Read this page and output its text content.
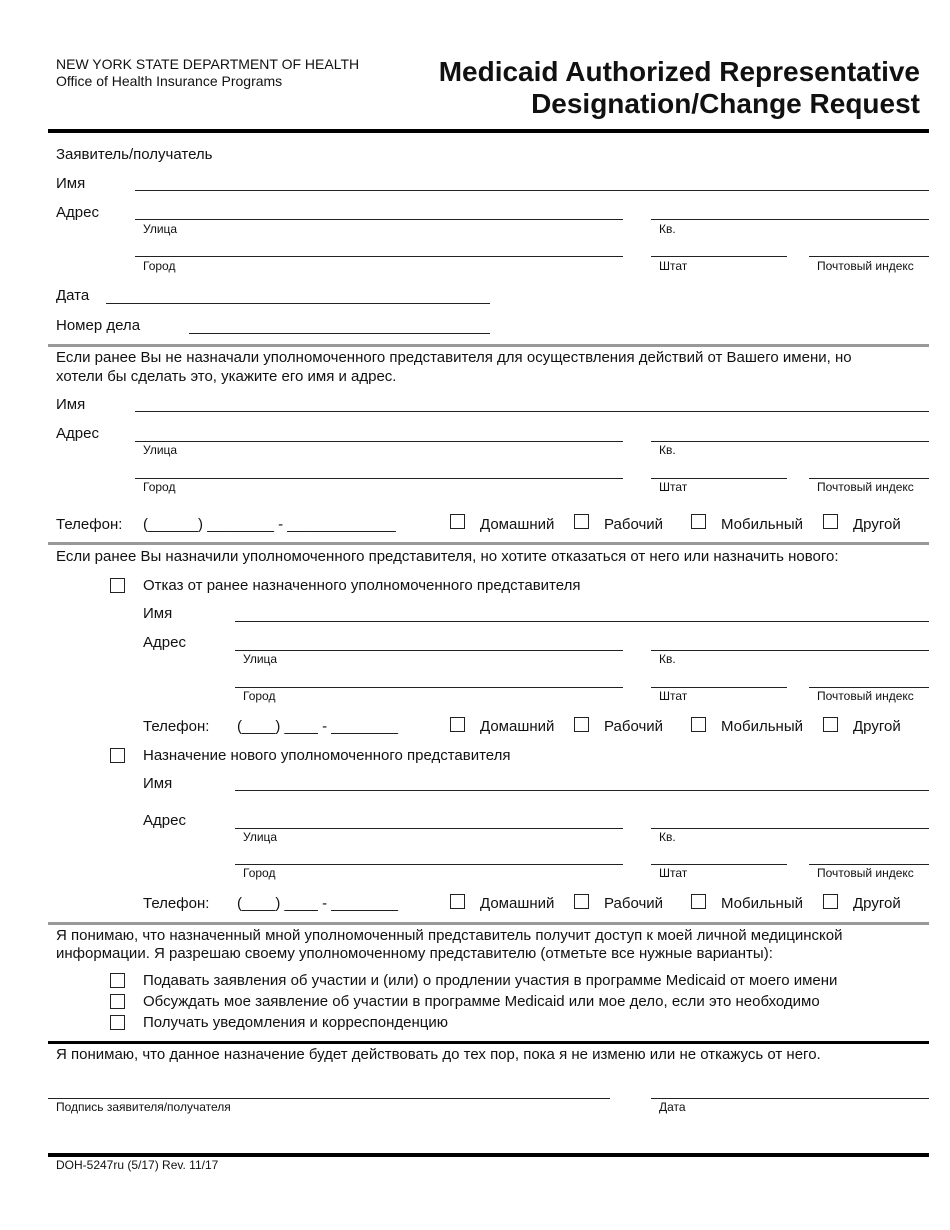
NEW YORK STATE DEPARTMENT OF HEALTH
Office of Health Insurance Programs	Medicaid Authorized Representative
Designation/Change Request
Заявитель/получатель
Имя
Адрес
Улица	Кв.
Город	Штат	Почтовый индекс
Дата
Номер дела
Если ранее Вы не назначали уполномоченного представителя для осуществления действий от Вашего имени, но
хотели бы сделать это, укажите его имя и адрес.
Имя
Адрес
Улица	Кв.
Город	Штат	Почтовый индекс
Телефон: (______) ________ - _____________	Домашний	Рабочий	Мобильный	Другой
Если ранее Вы назначили уполномоченного представителя, но хотите отказаться от него или назначить нового:
Отказ от ранее назначенного уполномоченного представителя
Имя
Адрес
Улица	Кв.
Город	Штат	Почтовый индекс
Телефон: (____) ____ - ________	Домашний	Рабочий	Мобильный	Другой
Назначение нового уполномоченного представителя
Имя
Адрес
Улица	Кв.
Город	Штат	Почтовый индекс
Телефон: (____) ____ - ________	Домашний	Рабочий	Мобильный	Другой
Я понимаю, что назначенный мной уполномоченный представитель получит доступ к моей личной медицинской
информации. Я разрешаю своему уполномоченному представителю (отметьте все нужные варианты):
Подавать заявления об участии и (или) о продлении участия в программе Medicaid от моего имени
Обсуждать мое заявление об участии в программе Medicaid или мое дело, если это необходимо
Получать уведомления и корреспонденцию
Я понимаю, что данное назначение будет действовать до тех пор, пока я не изменю или не откажусь от него.
Подпись заявителя/получателя	Дата
DOH-5247ru (5/17) Rev. 11/17
